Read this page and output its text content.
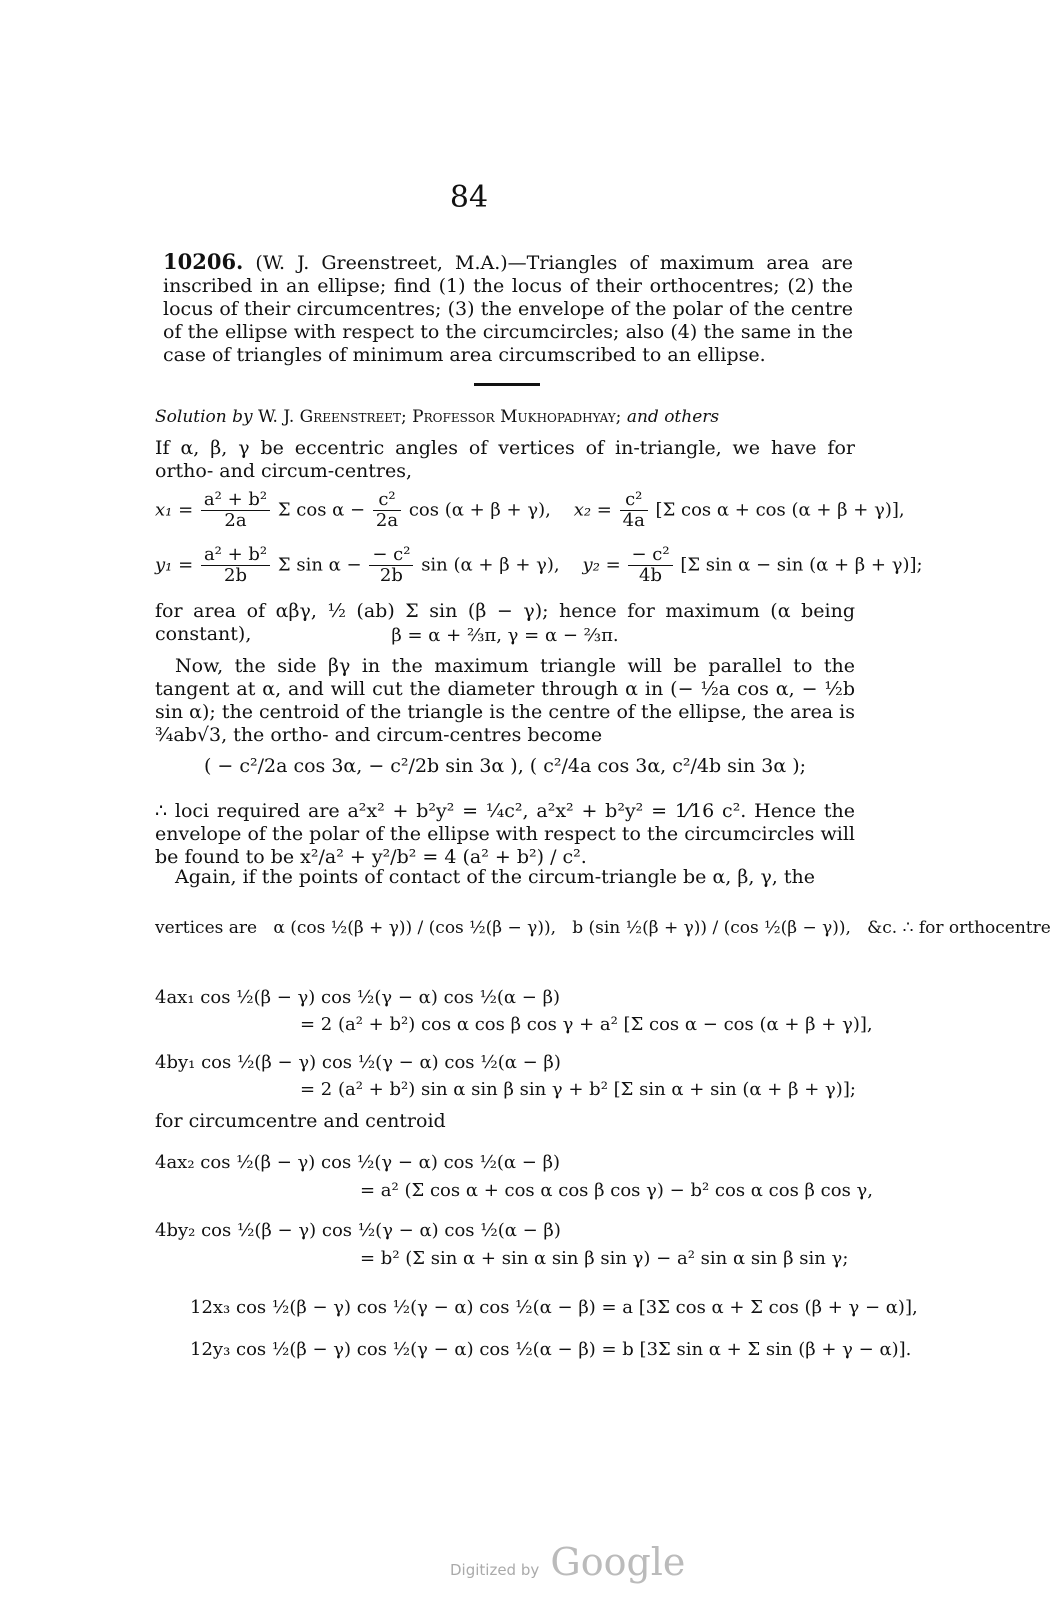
84
10206. (W. J. Greenstreet, M.A.)—Triangles of maximum area are inscribed in an ellipse; find (1) the locus of their orthocentres; (2) the locus of their circumcentres; (3) the envelope of the polar of the centre of the ellipse with respect to the circumcircles; also (4) the same in the case of triangles of minimum area circumscribed to an ellipse.
Solution by W. J. Greenstreet; Professor Mukhopadhyay; and others
If α, β, γ be eccentric angles of vertices of in-triangle, we have for ortho- and circum-centres,
$x_1 = \frac{\text{a² + b²}}{2a}$ Σ $\cos \alpha - \frac{\text{c²}}{2a}$ cos (α + β + γ), $x_2 = \frac{\text{c²}}{4a} [\Sigma$ cos α + cos (α + β + γ)],
$y_1 = \frac{\text{a² + b²}}{2b}$ Σ $\sin \alpha - \frac{\text{− c²}}{2b}$ sin (α + β + γ), $y_2 = \frac{\text{− c²}}{4b} [\Sigma$ sin α − sin (α + β + γ)];
for area of αβγ, ½ (ab) Σ sin (β − γ); hence for maximum (α being constant),	β = α + ⅔π, γ = α − ⅔π.
Now, the side βγ in the maximum triangle will be parallel to the tangent at α, and will cut the diameter through α in (− ½a cos α, − ½b sin α); the centroid of the triangle is the centre of the ellipse, the area is ¾ab√3, the ortho- and circum-centres become
( − c²/2a cos 3α, − c²/2b sin 3α ), ( c²/4a cos 3α, c²/4b sin 3α );
∴ loci required are a²x² + b²y² = ¼c², a²x² + b²y² = 1⁄16 c². Hence the envelope of the polar of the ellipse with respect to the circumcircles will be found to be x²/a² + y²/b² = 4 (a² + b²) / c².
Again, if the points of contact of the circum-triangle be α, β, γ, the
vertices are α (cos ½(β + γ)) / (cos ½(β − γ)), b (sin ½(β + γ)) / (cos ½(β − γ)), &c. ∴ for orthocentre
4ax₁ cos ½(β − γ) cos ½(γ − α) cos ½(α − β)
= 2 (a² + b²) cos α cos β cos γ + a² [Σ cos α − cos (α + β + γ)],
4by₁ cos ½(β − γ) cos ½(γ − α) cos ½(α − β)
= 2 (a² + b²) sin α sin β sin γ + b² [Σ sin α + sin (α + β + γ)];
for circumcentre and centroid
4ax₂ cos ½(β − γ) cos ½(γ − α) cos ½(α − β)
= a² (Σ cos α + cos α cos β cos γ) − b² cos α cos β cos γ,
4by₂ cos ½(β − γ) cos ½(γ − α) cos ½(α − β)
= b² (Σ sin α + sin α sin β sin γ) − a² sin α sin β sin γ;
12x₃ cos ½(β − γ) cos ½(γ − α) cos ½(α − β) = a [3Σ cos α + Σ cos (β + γ − α)],
12y₃ cos ½(β − γ) cos ½(γ − α) cos ½(α − β) = b [3Σ sin α + Σ sin (β + γ − α)].
Digitized by Google
